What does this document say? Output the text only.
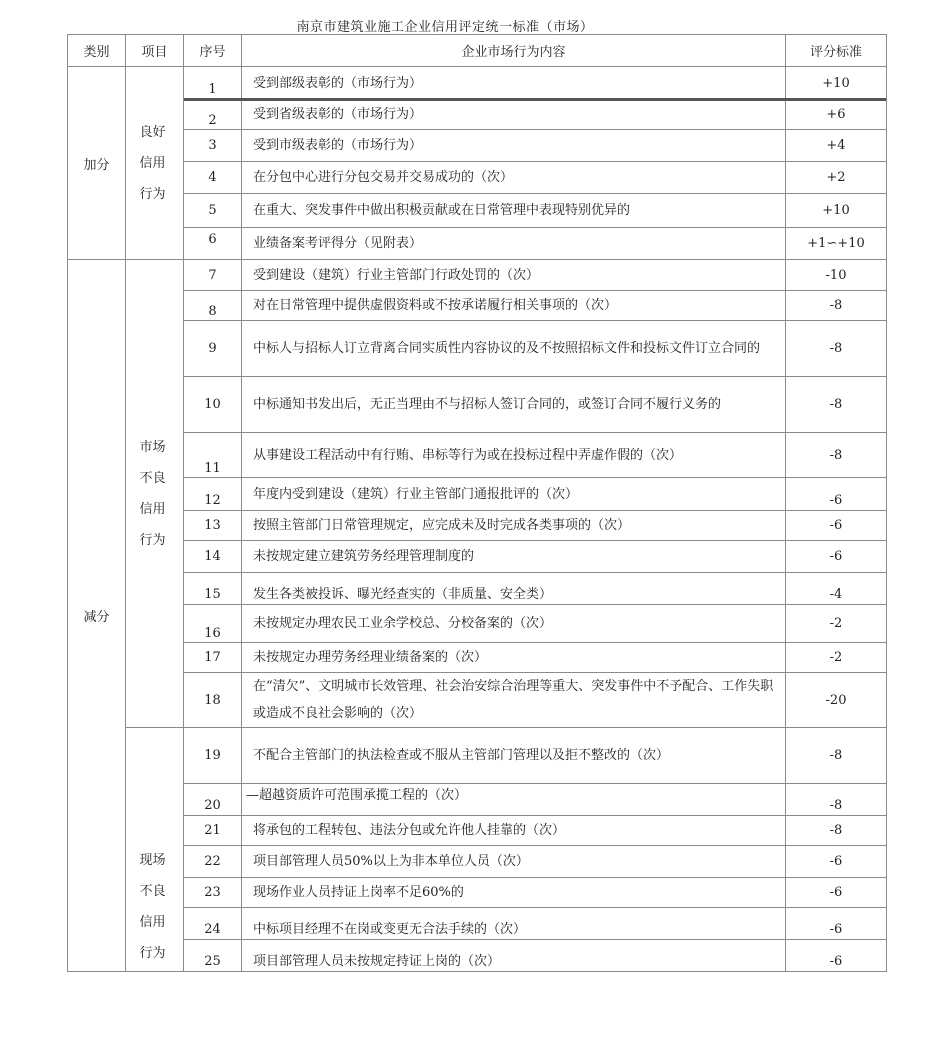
南京市建筑业施工企业信用评定统一标准（市场）
类别	项目	序号	企业市场行为内容	评分标准
加分	良好信用行为	1	受到部级表彰的（市场行为）	+10
		2	受到省级表彰的（市场行为）	+6
		3	受到市级表彰的（市场行为）	+4
		4	在分包中心进行分包交易并交易成功的（次）	+2
		5	在重大、突发事件中做出积极贡献或在日常管理中表现特别优异的	+10
		6	业绩备案考评得分（见附表）	+1∽+10
减分	市场不良信用行为	7	受到建设（建筑）行业主管部门行政处罚的（次）	-10
		8	对在日常管理中提供虚假资料或不按承诺履行相关事项的（次）	-8
		9	中标人与招标人订立背离合同实质性内容协议的及不按照招标文件和投标文件订立合同的	-8
		10	中标通知书发出后，无正当理由不与招标人签订合同的，或签订合同不履行义务的	-8
		11	从事建设工程活动中有行贿、串标等行为或在投标过程中弄虚作假的（次）	-8
		12	年度内受到建设（建筑）行业主管部门通报批评的（次）	-6
		13	按照主管部门日常管理规定，应完成未及时完成各类事项的（次）	-6
		14	未按规定建立建筑劳务经理管理制度的	-6
		15	发生各类被投诉、曝光经查实的（非质量、安全类）	-4
		16	未按规定办理农民工业余学校总、分校备案的（次）	-2
		17	未按规定办理劳务经理业绩备案的（次）	-2
		18	在“清欠”、文明城市长效管理、社会治安综合治理等重大、突发事件中不予配合、工作失职或造成不良社会影响的（次）	-20
	现场不良信用行为	19	不配合主管部门的执法检查或不服从主管部门管理以及拒不整改的（次）	-8
		20	—超越资质许可范围承揽工程的（次）	-8
		21	将承包的工程转包、违法分包或允许他人挂靠的（次）	-8
		22	项目部管理人员50%以上为非本单位人员（次）	-6
		23	现场作业人员持证上岗率不足60%的	-6
		24	中标项目经理不在岗或变更无合法手续的（次）	-6
		25	项目部管理人员未按规定持证上岗的（次）	-6
